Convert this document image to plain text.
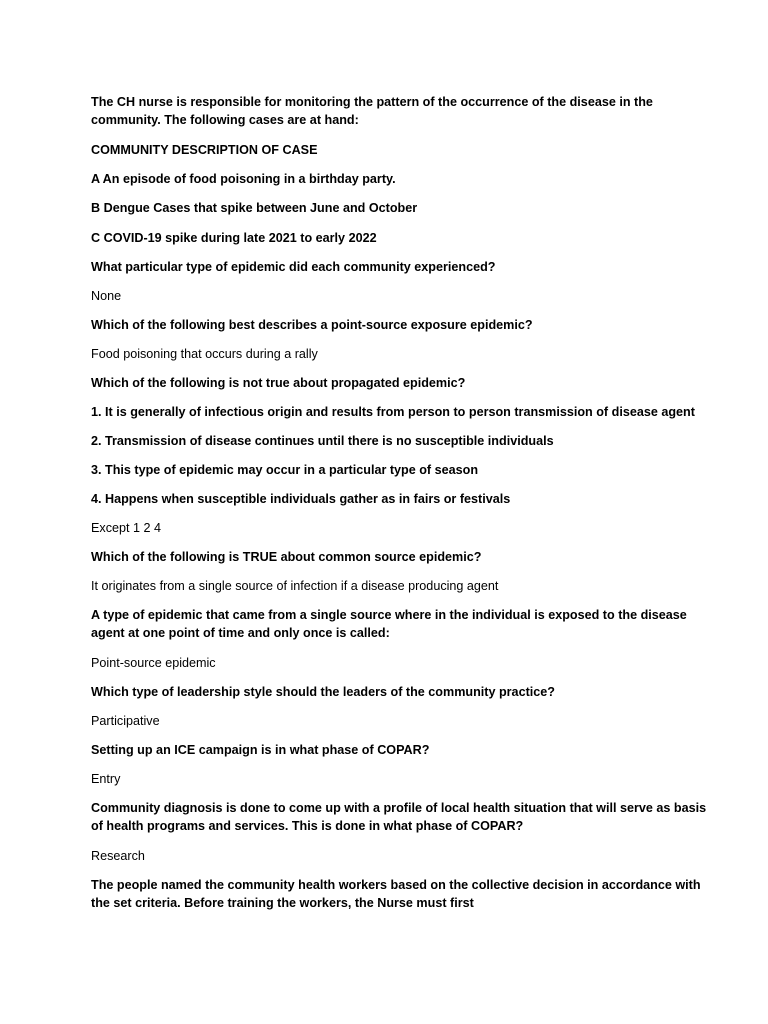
The CH nurse is responsible for monitoring the pattern of the occurrence of the disease in the

community. The following cases are at hand:

COMMUNITY DESCRIPTION OF CASE

A An episode of food poisoning in a birthday party.

B Dengue Cases that spike between June and October

C COVID-19 spike during late 2021 to early 2022

What particular type of epidemic did each community experienced?

None

Which of the following best describes a point-source exposure epidemic?

Food poisoning that occurs during a rally

Which of the following is not true about propagated epidemic?

1. It is generally of infectious origin and results from person to person transmission of disease agent

2. Transmission of disease continues until there is no susceptible individuals

3. This type of epidemic may occur in a particular type of season

4. Happens when susceptible individuals gather as in fairs or festivals

Except 1 2 4

Which of the following is TRUE about common source epidemic?

It originates from a single source of infection if a disease producing agent

A type of epidemic that came from a single source where in the individual is exposed to the disease

agent at one point of time and only once is called:

Point-source epidemic

Which type of leadership style should the leaders of the community practice?

Participative

Setting up an ICE campaign is in what phase of COPAR?

Entry

Community diagnosis is done to come up with a profile of local health situation that will serve as basis

of health programs and services. This is done in what phase of COPAR?

Research

The people named the community health workers based on the collective decision in accordance with

the set criteria. Before training the workers, the Nurse must first
